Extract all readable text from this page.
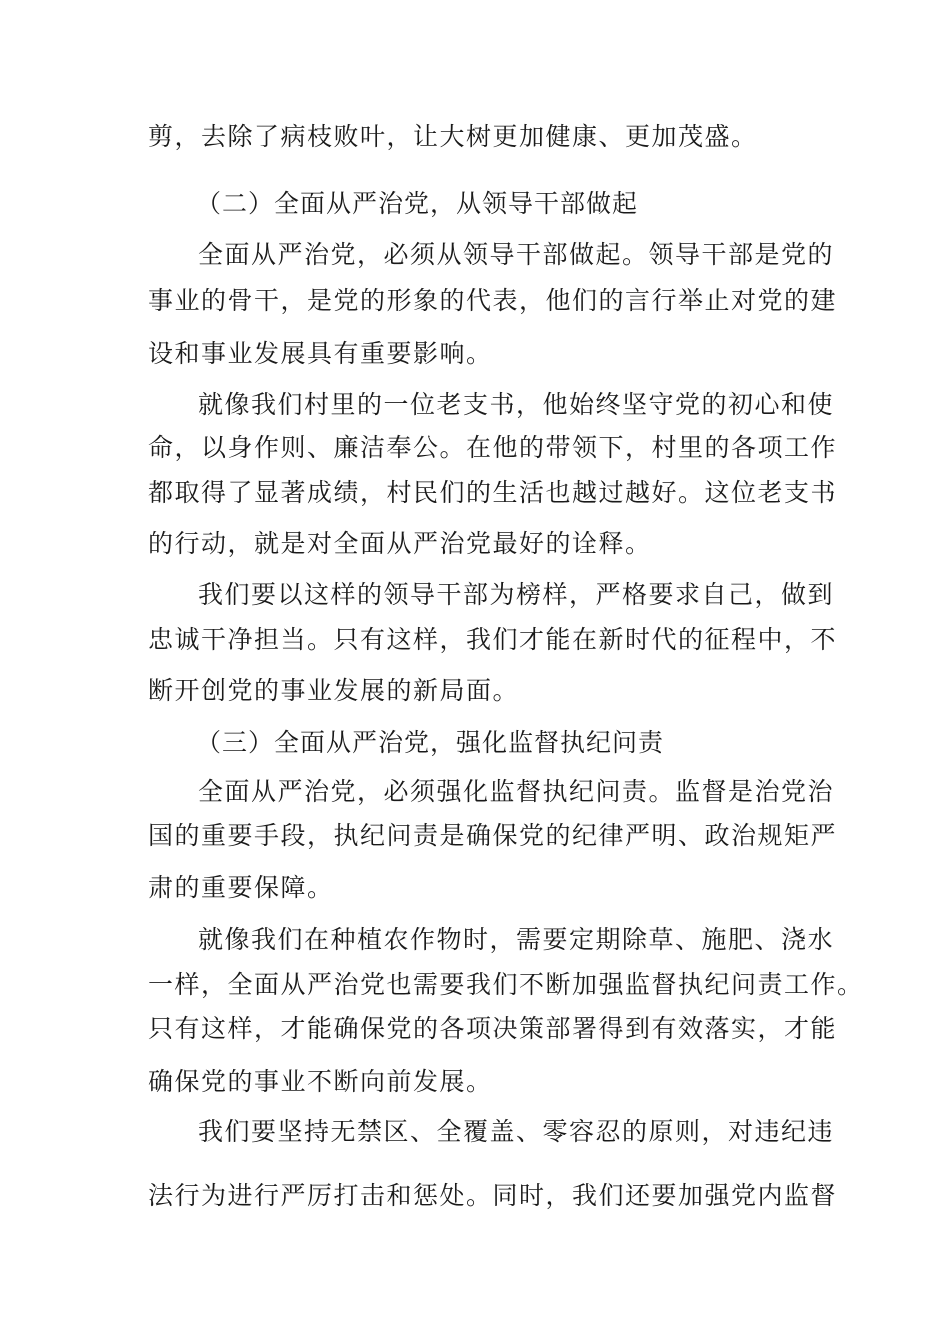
剪，去除了病枝败叶，让大树更加健康、更加茂盛。

（二）全面从严治党，从领导干部做起

全面从严治党，必须从领导干部做起。领导干部是党的

事业的骨干，是党的形象的代表，他们的言行举止对党的建

设和事业发展具有重要影响。

就像我们村里的一位老支书，他始终坚守党的初心和使

命，以身作则、廉洁奉公。在他的带领下，村里的各项工作

都取得了显著成绩，村民们的生活也越过越好。这位老支书

的行动，就是对全面从严治党最好的诠释。

我们要以这样的领导干部为榜样，严格要求自己，做到

忠诚干净担当。只有这样，我们才能在新时代的征程中，不

断开创党的事业发展的新局面。

（三）全面从严治党，强化监督执纪问责

全面从严治党，必须强化监督执纪问责。监督是治党治

国的重要手段，执纪问责是确保党的纪律严明、政治规矩严

肃的重要保障。

就像我们在种植农作物时，需要定期除草、施肥、浇水

一样，全面从严治党也需要我们不断加强监督执纪问责工作。

只有这样，才能确保党的各项决策部署得到有效落实，才能

确保党的事业不断向前发展。

我们要坚持无禁区、全覆盖、零容忍的原则，对违纪违

法行为进行严厉打击和惩处。同时，我们还要加强党内监督
